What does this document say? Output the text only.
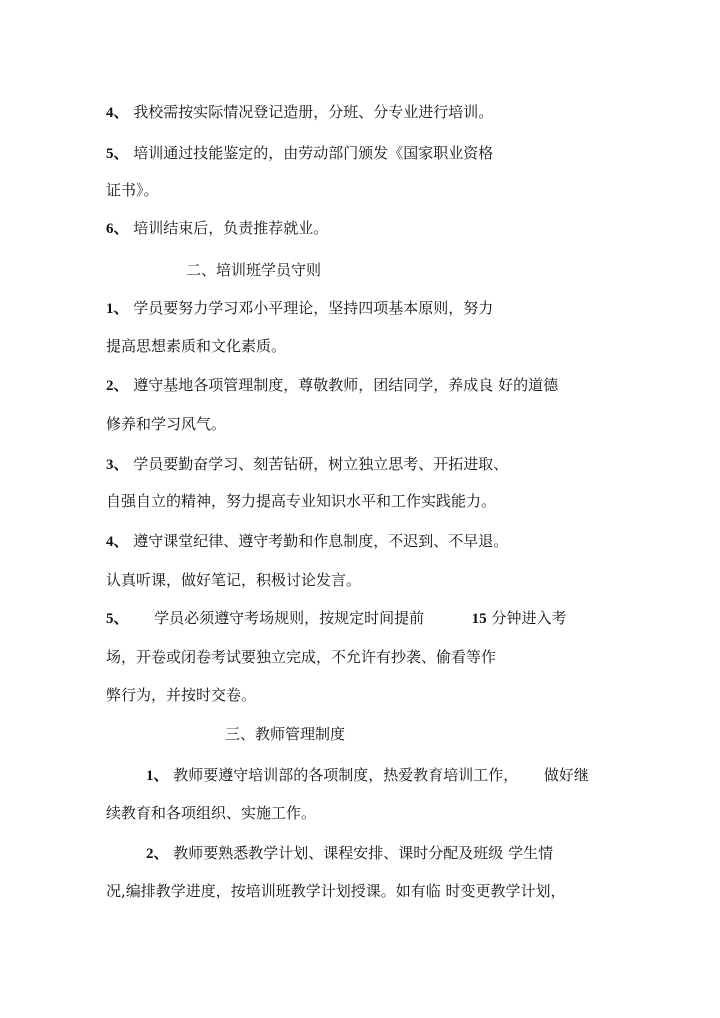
4、 我校需按实际情况登记造册，分班、分专业进行培训。
5、 培训通过技能鉴定的，由劳动部门颁发《国家职业资格
证书》。
6、 培训结束后，负责推荐就业。
二、培训班学员守则
1、 学员要努力学习邓小平理论，坚持四项基本原则，努力
提高思想素质和文化素质。
2、 遵守基地各项管理制度，尊敬教师，团结同学，养成良 好的道德
修养和学习风气。
3、 学员要勤奋学习、刻苦钻研，树立独立思考、开拓进取、
自强自立的精神，努力提高专业知识水平和工作实践能力。
4、 遵守课堂纪律、遵守考勤和作息制度，不迟到、不早退。
认真听课，做好笔记，积极讨论发言。
5、 学员必须遵守考场规则，按规定时间提前	15 分钟进入考
场，开卷或闭卷考试要独立完成，不允许有抄袭、偷看等作
弊行为，并按时交卷。
三、教师管理制度
1、 教师要遵守培训部的各项制度，热爱教育培训工作， 做好继
续教育和各项组织、实施工作。
2、 教师要熟悉教学计划、课程安排、课时分配及班级 学生情
况,编排教学进度，按培训班教学计划授课。如有临 时变更教学计划，
